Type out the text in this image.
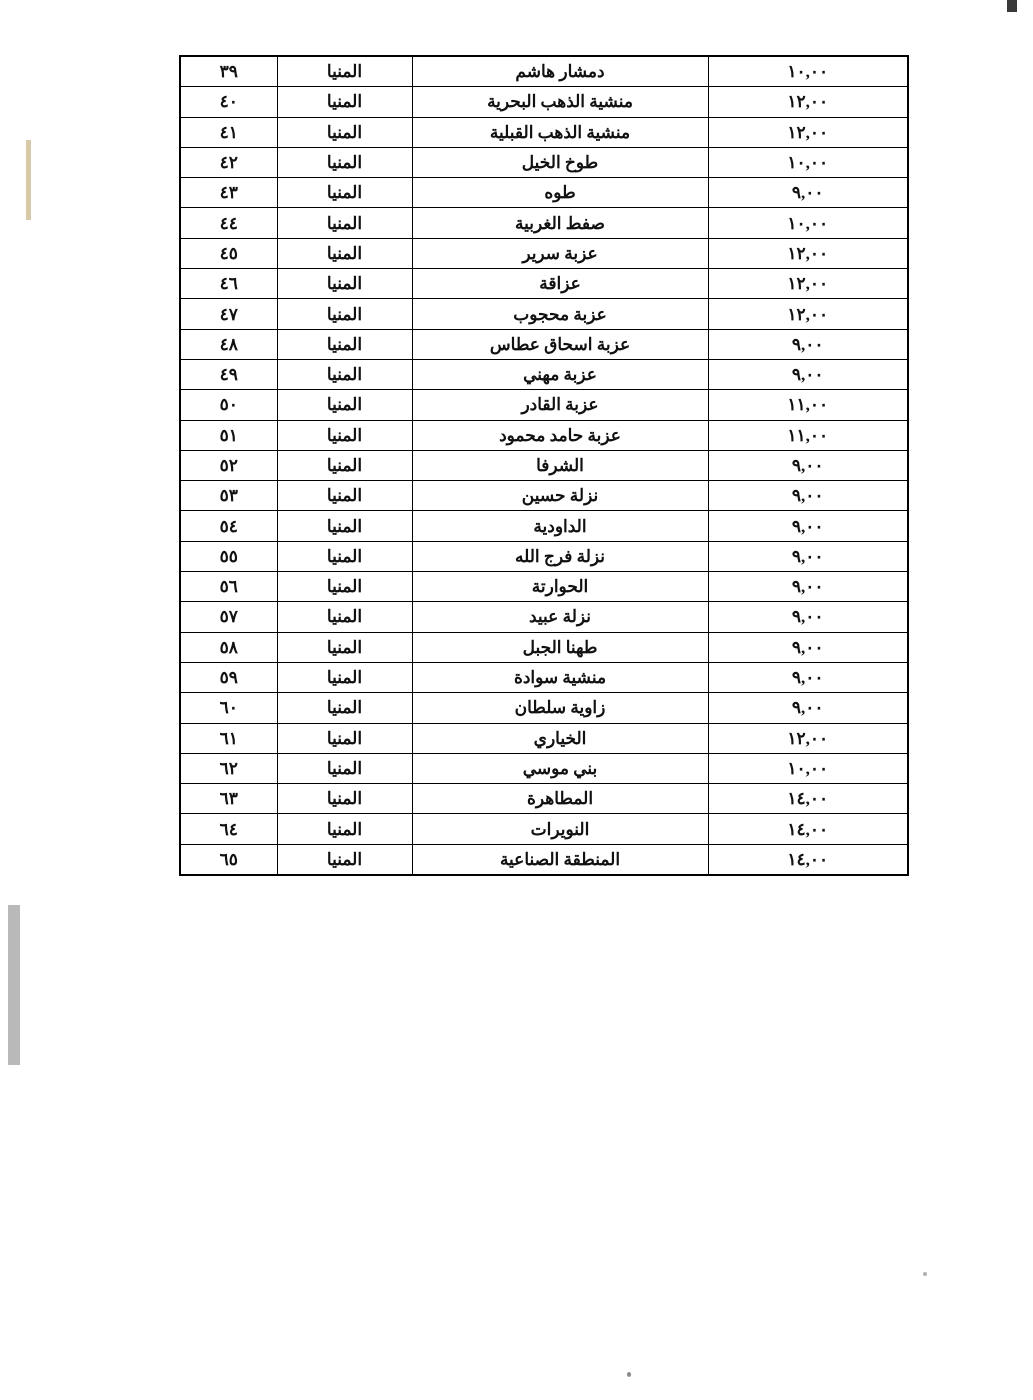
١٠,٠٠	دمشار هاشم	المنيا	٣٩
١٢,٠٠	منشية الذهب البحرية	المنيا	٤٠
١٢,٠٠	منشية الذهب القبلية	المنيا	٤١
١٠,٠٠	طوخ الخيل	المنيا	٤٢
٩,٠٠	طوه	المنيا	٤٣
١٠,٠٠	صفط الغربية	المنيا	٤٤
١٢,٠٠	عزبة سرير	المنيا	٤٥
١٢,٠٠	عزاقة	المنيا	٤٦
١٢,٠٠	عزبة محجوب	المنيا	٤٧
٩,٠٠	عزبة اسحاق عطاس	المنيا	٤٨
٩,٠٠	عزبة مهني	المنيا	٤٩
١١,٠٠	عزبة القادر	المنيا	٥٠
١١,٠٠	عزبة حامد محمود	المنيا	٥١
٩,٠٠	الشرفا	المنيا	٥٢
٩,٠٠	نزلة حسين	المنيا	٥٣
٩,٠٠	الداودية	المنيا	٥٤
٩,٠٠	نزلة فرج الله	المنيا	٥٥
٩,٠٠	الحوارتة	المنيا	٥٦
٩,٠٠	نزلة عبيد	المنيا	٥٧
٩,٠٠	طهنا الجبل	المنيا	٥٨
٩,٠٠	منشية سوادة	المنيا	٥٩
٩,٠٠	زاوية سلطان	المنيا	٦٠
١٢,٠٠	الخياري	المنيا	٦١
١٠,٠٠	بني موسي	المنيا	٦٢
١٤,٠٠	المطاهرة	المنيا	٦٣
١٤,٠٠	النويرات	المنيا	٦٤
١٤,٠٠	المنطقة الصناعية	المنيا	٦٥
